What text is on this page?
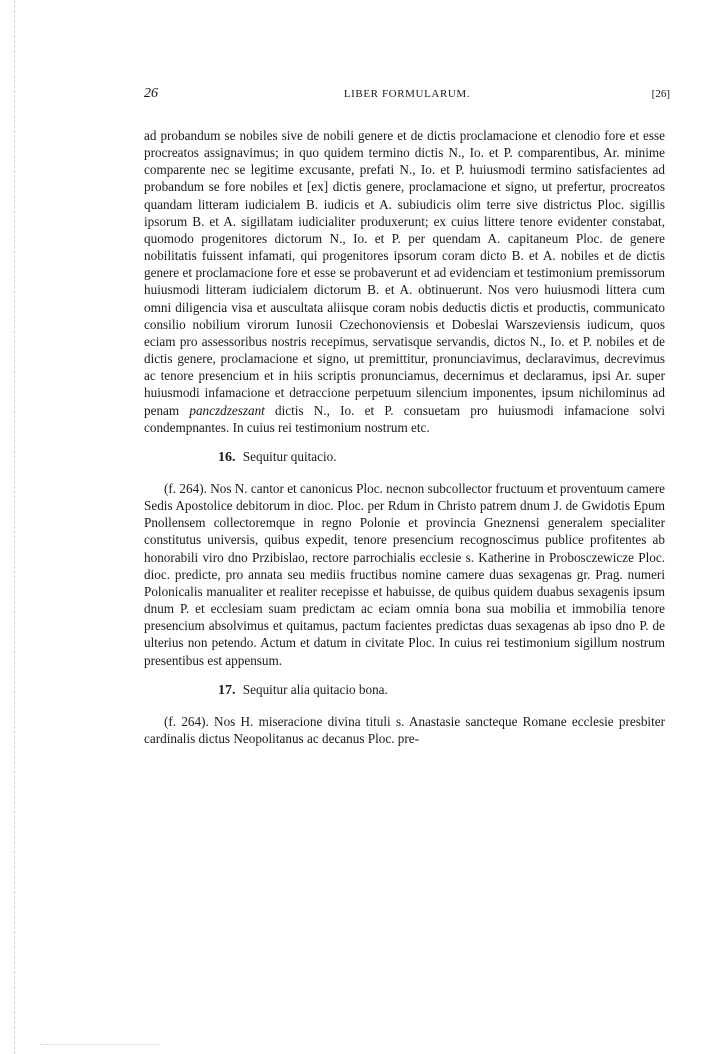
26	LIBER FORMULARUM.	[26]

ad probandum se nobiles sive de nobili genere et de dictis proclamacione et clenodio fore et esse procreatos assignavimus; in quo quidem termino dictis N., Io. et P. comparentibus, Ar. minime comparente nec se legitime excusante, prefati N., Io. et P. huiusmodi termino satisfacientes ad probandum se fore nobiles et [ex] dictis genere, proclamacione et signo, ut prefertur, procreatos quandam litteram iudicialem B. iudicis et A. subiudicis olim terre sive districtus Ploc. sigillis ipsorum B. et A. sigillatam iudicialiter produxerunt; ex cuius littere tenore evidenter constabat, quomodo progenitores dictorum N., Io. et P. per quendam A. capitaneum Ploc. de genere nobilitatis fuissent infamati, qui progenitores ipsorum coram dicto B. et A. nobiles et de dictis genere et proclamacione fore et esse se probaverunt et ad evidenciam et testimonium premissorum huiusmodi litteram iudicialem dictorum B. et A. obtinuerunt. Nos vero huiusmodi littera cum omni diligencia visa et auscultata aliisque coram nobis deductis dictis et productis, communicato consilio nobilium virorum Iunosii Czechonoviensis et Dobeslai Warszeviensis iudicum, quos eciam pro assessoribus nostris recepimus, servatisque servandis, dictos N., Io. et P. nobiles et de dictis genere, proclamacione et signo, ut premittitur, pronunciavimus, declaravimus, decrevimus ac tenore presencium et in hiis scriptis pronunciamus, decernimus et declaramus, ipsi Ar. super huiusmodi infamacione et detraccione perpetuum silencium imponentes, ipsum nichilominus ad penam panczdzeszant dictis N., Io. et P. consuetam pro huiusmodi infamacione solvi condempnantes. In cuius rei testimonium nostrum etc.

16. Sequitur quitacio.

(f. 264). Nos N. cantor et canonicus Ploc. necnon subcollector fructuum et proventuum camere Sedis Apostolice debitorum in dioc. Ploc. per Rdum in Christo patrem dnum J. de Gwidotis Epum Pnollensem collectoremque in regno Polonie et provincia Gneznensi generalem specialiter constitutus universis, quibus expedit, tenore presencium recognoscimus publice profitentes ab honorabili viro dno Przibislao, rectore parrochialis ecclesie s. Katherine in Probosczewicze Ploc. dioc. predicte, pro annata seu mediis fructibus nomine camere duas sexagenas gr. Prag. numeri Polonicalis manualiter et realiter recepisse et habuisse, de quibus quidem duabus sexagenis ipsum dnum P. et ecclesiam suam predictam ac eciam omnia bona sua mobilia et immobilia tenore presencium absolvimus et quitamus, pactum facientes predictas duas sexagenas ab ipso dno P. de ulterius non petendo. Actum et datum in civitate Ploc. In cuius rei testimonium sigillum nostrum presentibus est appensum.

17. Sequitur alia quitacio bona.

(f. 264). Nos H. miseracione divina tituli s. Anastasie sancteque Romane ecclesie presbiter cardinalis dictus Neopolitanus ac decanus Ploc. pre-
